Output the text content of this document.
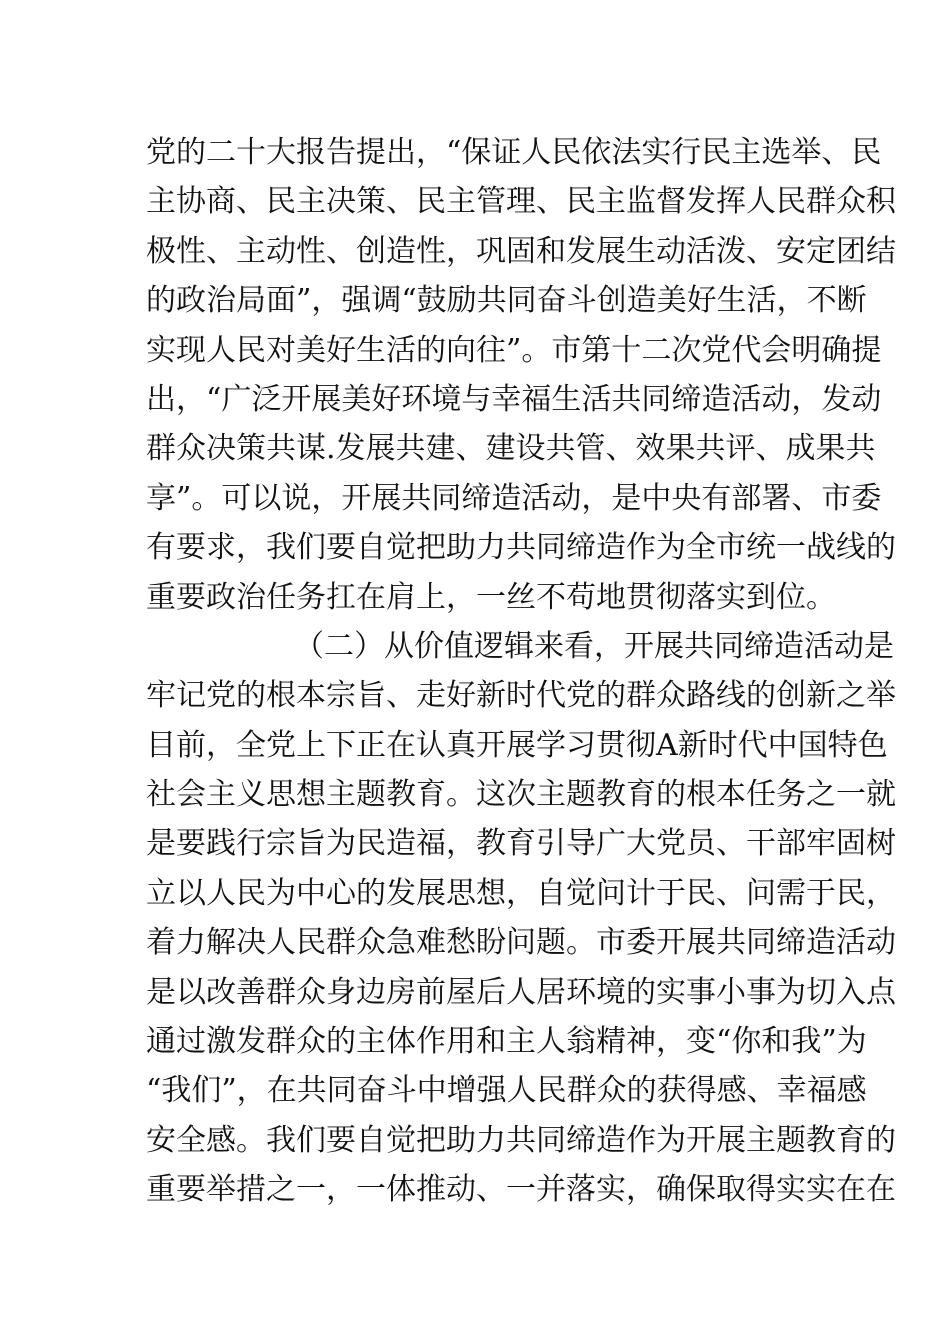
党的二十大报告提出，“保证人民依法实行民主选举、民
主协商、民主决策、民主管理、民主监督发挥人民群众积
极性、主动性、创造性，巩固和发展生动活泼、安定团结
的政治局面”，强调“鼓励共同奋斗创造美好生活，不断
实现人民对美好生活的向往”。市第十二次党代会明确提
出，“广泛开展美好环境与幸福生活共同缔造活动，发动
群众决策共谋.发展共建、建设共管、效果共评、成果共
享”。可以说，开展共同缔造活动，是中央有部署、市委
有要求，我们要自觉把助力共同缔造作为全市统一战线的
重要政治任务扛在肩上，一丝不苟地贯彻落实到位。
（二）从价值逻辑来看，开展共同缔造活动是
牢记党的根本宗旨、走好新时代党的群众路线的创新之举
目前，全党上下正在认真开展学习贯彻A新时代中国特色
社会主义思想主题教育。这次主题教育的根本任务之一就
是要践行宗旨为民造福，教育引导广大党员、干部牢固树
立以人民为中心的发展思想，自觉问计于民、问需于民，
着力解决人民群众急难愁盼问题。市委开展共同缔造活动
是以改善群众身边房前屋后人居环境的实事小事为切入点
通过激发群众的主体作用和主人翁精神，变“你和我”为
“我们”，在共同奋斗中增强人民群众的获得感、幸福感
安全感。我们要自觉把助力共同缔造作为开展主题教育的
重要举措之一，一体推动、一并落实，确保取得实实在在
